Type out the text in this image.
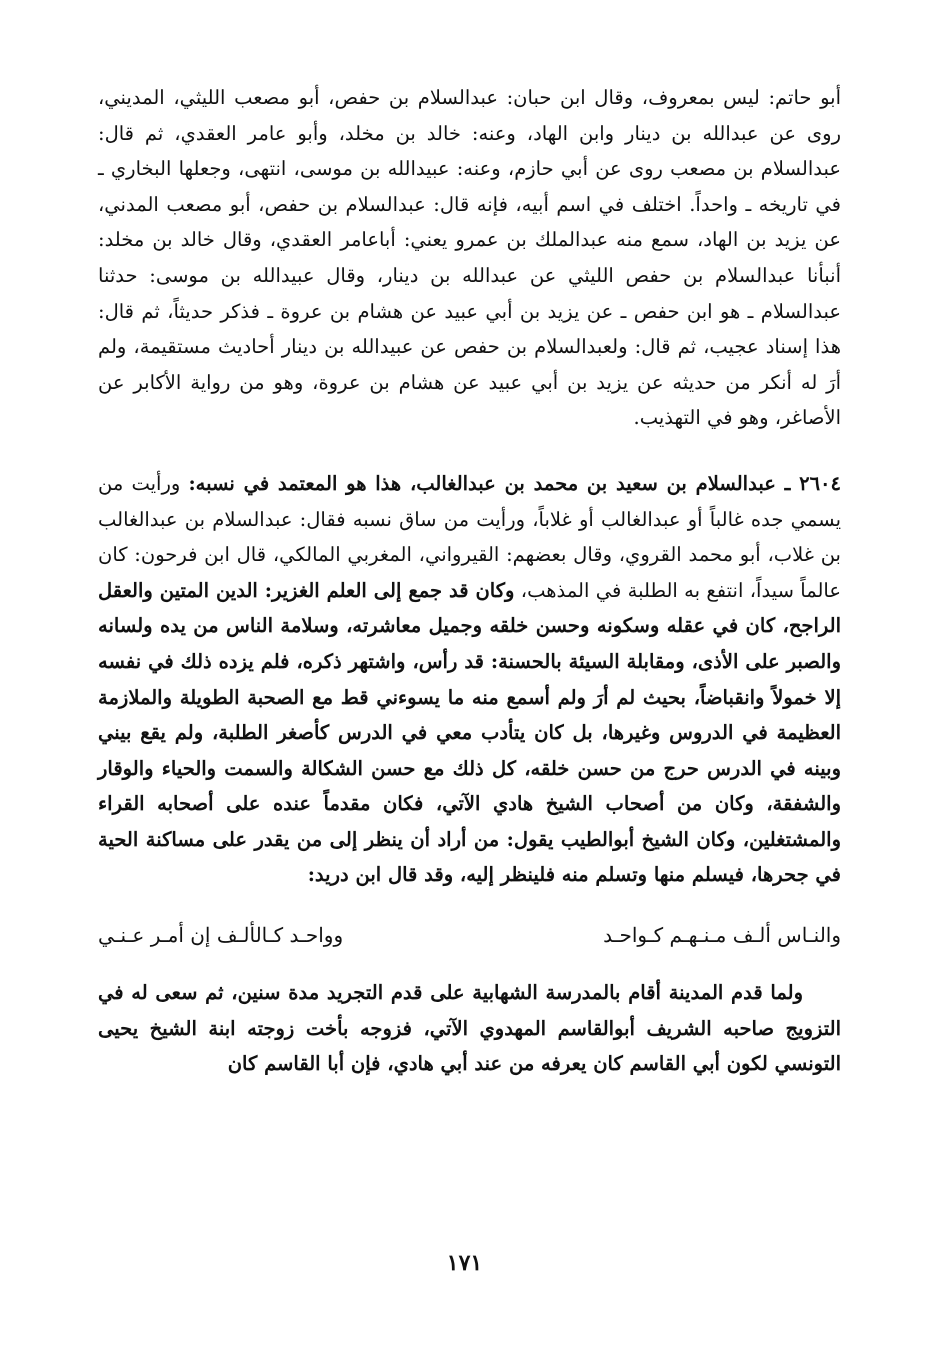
أبو حاتم: ليس بمعروف، وقال ابن حبان: عبدالسلام بن حفص، أبو مصعب الليثي، المديني، روى عن عبدالله بن دينار وابن الهاد، وعنه: خالد بن مخلد، وأبو عامر العقدي، ثم قال: عبدالسلام بن مصعب روى عن أبي حازم، وعنه: عبيدالله بن موسى، انتهى، وجعلها البخاري ـ في تاريخه ـ واحداً. اختلف في اسم أبيه، فإنه قال: عبدالسلام بن حفص، أبو مصعب المدني، عن يزيد بن الهاد، سمع منه عبدالملك بن عمرو يعني: أباعامر العقدي، وقال خالد بن مخلد: أنبأنا عبدالسلام بن حفص الليثي عن عبدالله بن دينار، وقال عبيدالله بن موسى: حدثنا عبدالسلام ـ هو ابن حفص ـ عن يزيد بن أبي عبيد عن هشام بن عروة ـ فذكر حديثاً، ثم قال: هذا إسناد عجيب، ثم قال: ولعبدالسلام بن حفص عن عبيدالله بن دينار أحاديث مستقيمة، ولم أرَ له أنكر من حديثه عن يزيد بن أبي عبيد عن هشام بن عروة، وهو من رواية الأكابر عن الأصاغر، وهو في التهذيب.

٢٦٠٤ ـ عبدالسلام بن سعيد بن محمد بن عبدالغالب، هذا هو المعتمد في نسبه: ورأيت من يسمي جده غالباً أو عبدالغالب أو غلاباً، ورأيت من ساق نسبه فقال: عبدالسلام بن عبدالغالب بن غلاب، أبو محمد القروي، وقال بعضهم: القيرواني، المغربي المالكي، قال ابن فرحون: كان عالماً سيداً، انتفع به الطلبة في المذهب، وكان قد جمع إلى العلم الغزير: الدين المتين والعقل الراجح، كان في عقله وسكونه وحسن خلقه وجميل معاشرته، وسلامة الناس من يده ولسانه والصبر على الأذى، ومقابلة السيئة بالحسنة: قد رأس، واشتهر ذكره، فلم يزده ذلك في نفسه إلا خمولاً وانقباضاً، بحيث لم أرَ ولم أسمع منه ما يسوءني قط مع الصحبة الطويلة والملازمة العظيمة في الدروس وغيرها، بل كان يتأدب معي في الدرس كأصغر الطلبة، ولم يقع بيني وبينه في الدرس حرج من حسن خلقه، كل ذلك مع حسن الشكالة والسمت والحياء والوقار والشفقة، وكان من أصحاب الشيخ هادي الآتي، فكان مقدماً عنده على أصحابه القراء والمشتغلين، وكان الشيخ أبوالطيب يقول: من أراد أن ينظر إلى من يقدر على مساكنة الحية في جحرها، فيسلم منها وتسلم منه فلينظر إليه، وقد قال ابن دريد:

والنـاس ألـف مـنـهـم كـواحـد
وواحـد كـالألـف إن أمـر عـنـي

ولما قدم المدينة أقام بالمدرسة الشهابية على قدم التجريد مدة سنين، ثم سعى له في التزويج صاحبه الشريف أبوالقاسم المهدوي الآتي، فزوجه بأخت زوجته ابنة الشيخ يحيى التونسي لكون أبي القاسم كان يعرفه من عند أبي هادي، فإن أبا القاسم كان

١٧١
